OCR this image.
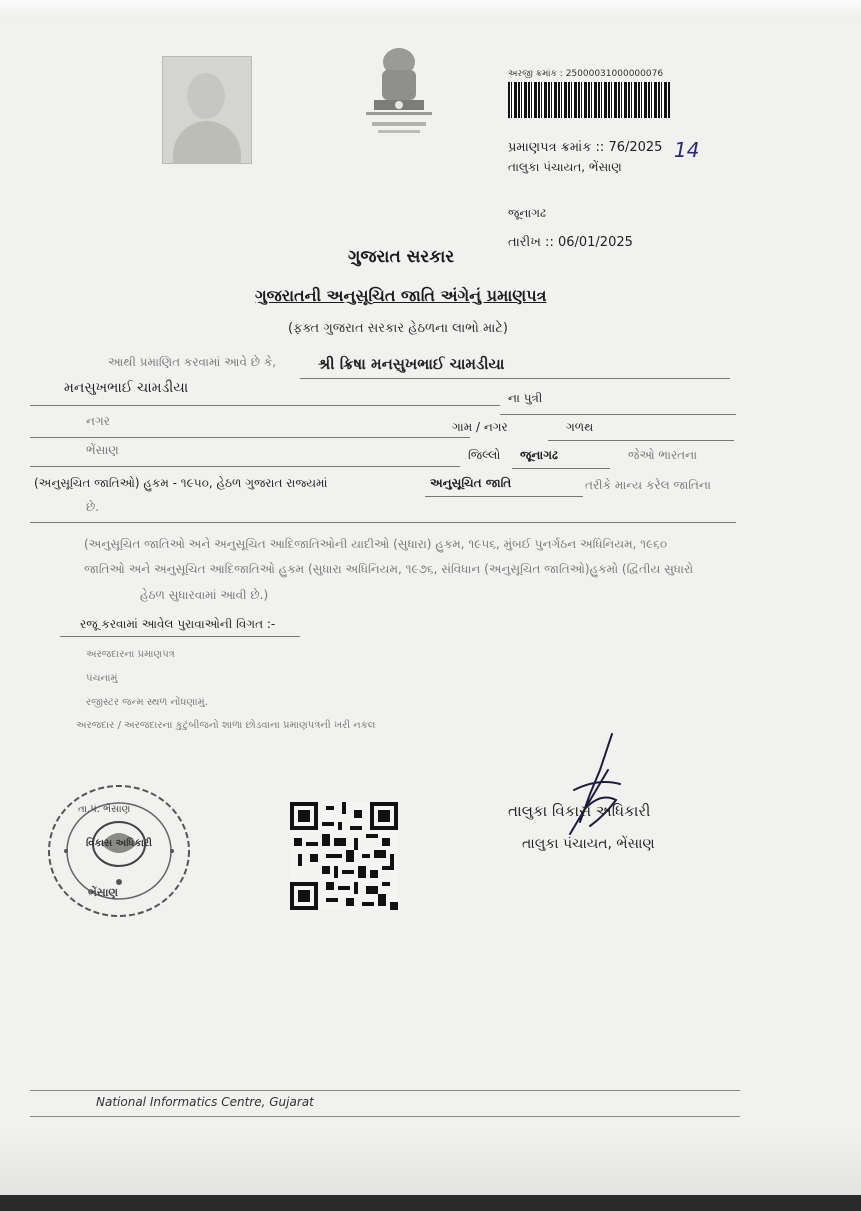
અરજી ક્રમાંક : 25000031000000076
પ્રમાણપત્ર ક્રમાંક :: 76/2025 14
તાલુકા પંચાયત, ભેંસાણ
જૂનાગઢ
તારીખ :: 06/01/2025
ગુજરાત સરકાર
ગુજરાતની અનુસૂચિત જાતિ અંગેનું પ્રમાણપત્ર
(ફક્ત ગુજરાત સરકાર હેઠળના લાભો માટે)
આથી પ્રમાણિત કરવામાં આવે છે કે,	શ્રી ક્રિષા મનસુખભાઈ ચામડીયા
મનસુખભાઈ ચામડીયા
ના પુત્રી
નગર	ગામ / નગર	ગળથ
ભેંસાણ	જિલ્લો જૂનાગઢ	જેઓ ભારતના
(અનુસૂચિત જાતિઓ) હુકમ - ૧૯૫૦, હેઠળ ગુજરાત રાજ્યમાં	અનુસૂચિત જાતિ	તરીકે માન્ય કરેલ જાતિના
છે.
(અનુસૂચિત જાતિઓ અને અનુસૂચિત આદિજાતિઓની યાદીઓ (સુધારા) હુકમ, ૧૯૫૬, મુંબઈ પુનર્ગઠન અધિનિયમ, ૧૯૬૦
જાતિઓ અને અનુસૂચિત આદિજાતિઓ હુકમ (સુધારા અધિનિયમ, ૧૯૭૬, સંવિધાન (અનુસૂચિત જાતિઓ)હુકમો (દ્વિતીય સુધારો
હેઠળ સુધારવામાં આવી છે.)
રજૂ કરવામાં આવેલ પુરાવાઓની વિગત :-
અરજદારના પ્રમાણપત્ર
પંચનામું
રજીસ્ટર જન્મ સ્થળ નોંધણામું.
અરજદાર / અરજદારના કુટુંબીજનો શાળા છોડવાના પ્રમાણપત્રની ખરી નકલ
તા.પં. ભેંસાણ
વિકાસ અધિકારી
ભેંસાણ
તાલુકા વિકાસ અધિકારી
તાલુકા પંચાયત, ભેંસાણ
National Informatics Centre, Gujarat
